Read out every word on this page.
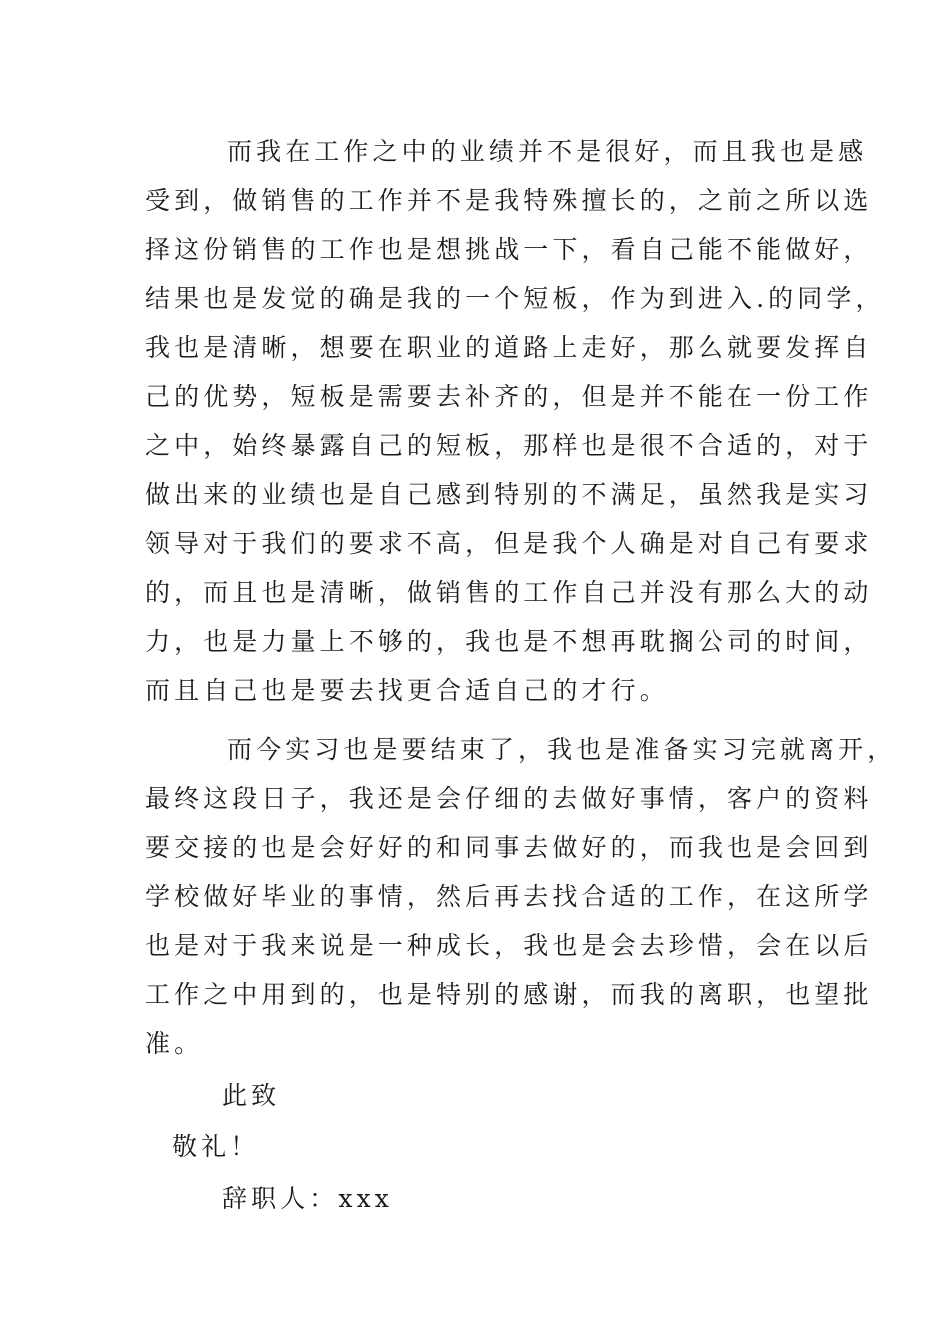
而我在工作之中的业绩并不是很好，而且我也是感
受到，做销售的工作并不是我特殊擅长的，之前之所以选
择这份销售的工作也是想挑战一下，看自己能不能做好，
结果也是发觉的确是我的一个短板，作为到进入.的同学，
我也是清晰，想要在职业的道路上走好，那么就要发挥自
己的优势，短板是需要去补齐的，但是并不能在一份工作
之中，始终暴露自己的短板，那样也是很不合适的，对于
做出来的业绩也是自己感到特别的不满足，虽然我是实习
领导对于我们的要求不高，但是我个人确是对自己有要求
的，而且也是清晰，做销售的工作自己并没有那么大的动
力，也是力量上不够的，我也是不想再耽搁公司的时间，
而且自己也是要去找更合适自己的才行。
而今实习也是要结束了，我也是准备实习完就离开，
最终这段日子，我还是会仔细的去做好事情，客户的资料
要交接的也是会好好的和同事去做好的，而我也是会回到
学校做好毕业的事情，然后再去找合适的工作，在这所学
也是对于我来说是一种成长，我也是会去珍惜，会在以后
工作之中用到的，也是特别的感谢，而我的离职，也望批
准。
此致
敬礼！
辞职人：xxx
